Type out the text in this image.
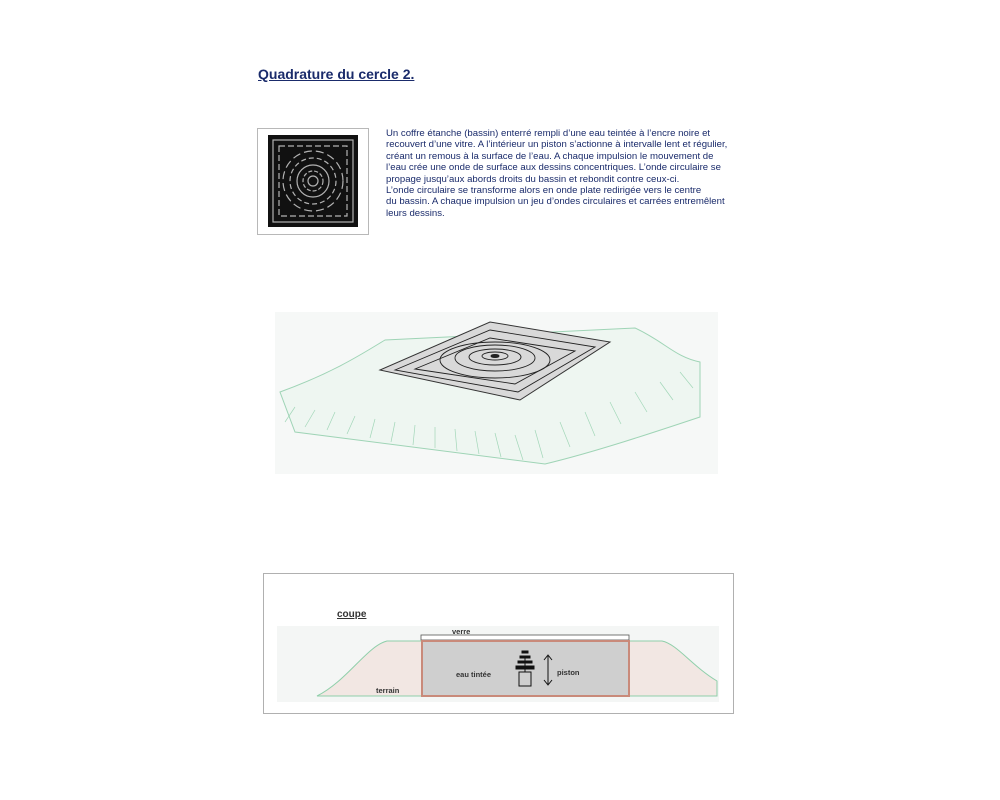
Quadrature du cercle 2.
Un coffre étanche (bassin) enterré rempli d’une eau teintée à l’encre noire et
recouvert d’une vitre. A l’intérieur un piston s’actionne à intervalle lent et régulier,
créant un remous à la surface de l’eau. A chaque impulsion le mouvement de
l’eau crée une onde de surface aux dessins concentriques. L’onde circulaire se
propage jusqu’aux abords droits du bassin et rebondit contre ceux-ci.
L’onde circulaire se transforme alors en onde plate redirigée vers le centre
du bassin. A chaque impulsion un jeu d’ondes circulaires et carrées entremêlent
leurs dessins.
coupe
verre
eau tintée	piston
terrain
